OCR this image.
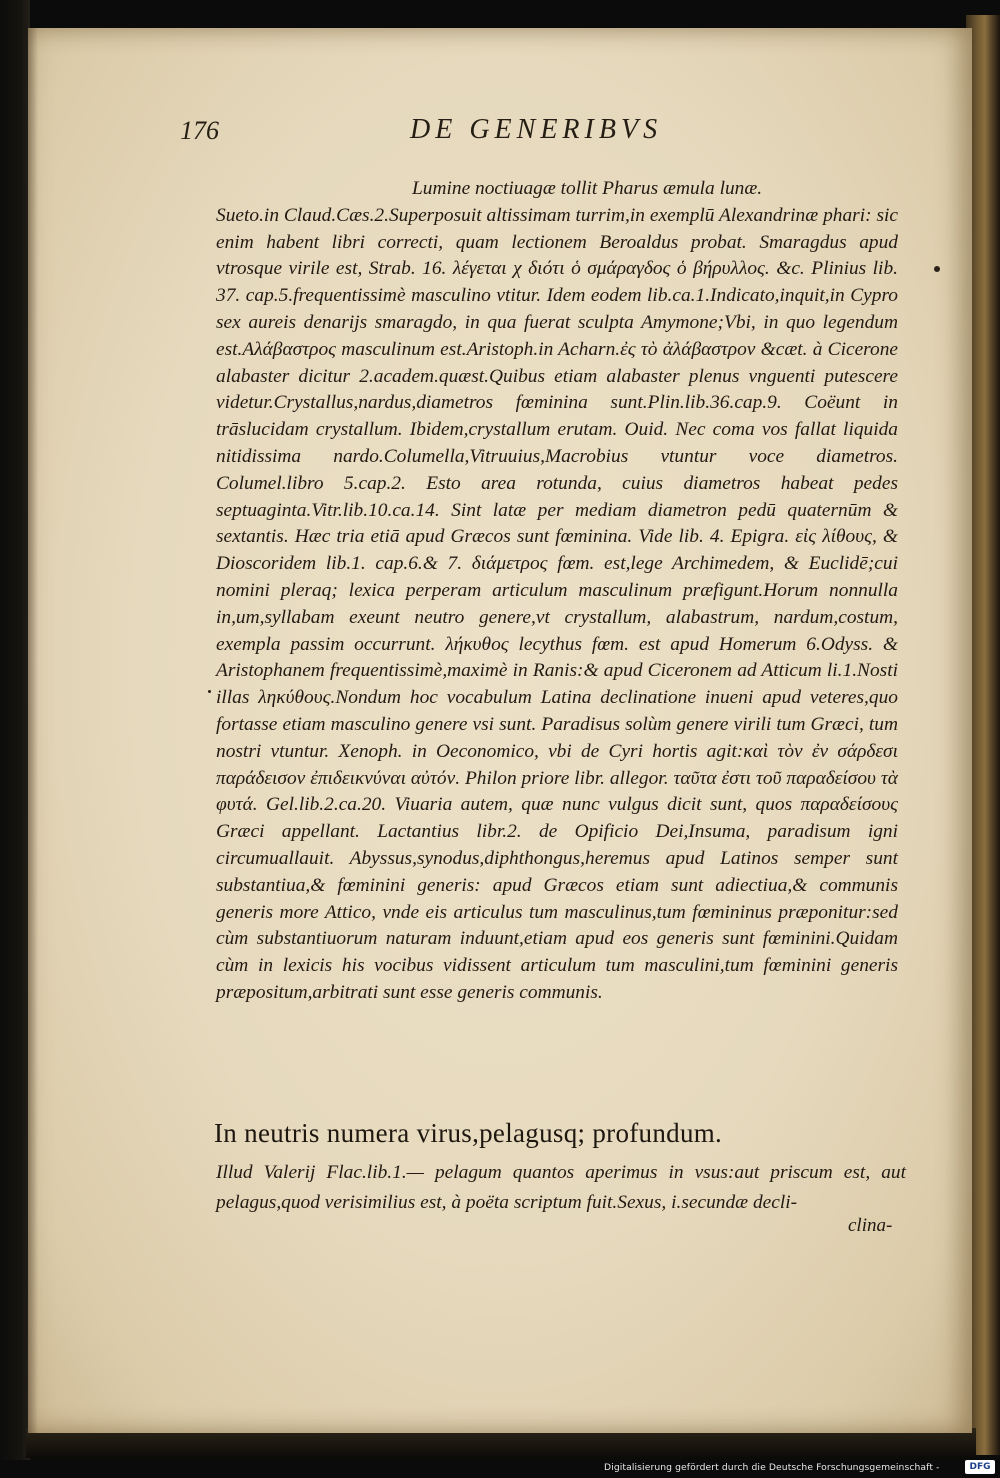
176	DE GENERIBVS

Lumine noctiuagæ tollit Pharus æmula lunæ.

Sueto.in Claud.Cæs.2.Superposuit altissimam turrim,in exemplū Alexandrinæ phari: sic enim habent libri correcti, quam lectionem Beroaldus probat. Smaragdus apud vtrosque virile est, Strab. 16. λέγεται χ διότι ὁ σμάραγδος ὁ βήρυλλος. &c. Plinius lib. 37. cap.5.frequentissimè masculino vtitur. Idem eodem lib.ca.1.Indicato,inquit,in Cypro sex aureis denarijs smaragdo, in qua fuerat sculpta Amymone;Vbi, in quo legendum est.Αλάβαστρος masculinum est.Aristoph.in Acharn.ἐς τὸ ἀλάβαστρον &cæt. à Cicerone alabaster dicitur 2.academ.quæst.Quibus etiam alabaster plenus vnguenti putescere videtur.Crystallus,nardus,diametros fœminina sunt.Plin.lib.36.cap.9. Coëunt in trāslucidam crystallum. Ibidem,crystallum erutam. Ouid. Nec coma vos fallat liquida nitidissima nardo.Columella,Vitruuius,Macrobius vtuntur voce diametros. Columel.libro 5.cap.2. Esto area rotunda, cuius diametros habeat pedes septuaginta.Vitr.lib.10.ca.14. Sint latæ per mediam diametron pedū quaternūm & sextantis. Hæc tria etiā apud Græcos sunt fœminina. Vide lib. 4. Epigra. εἰς λίθους, & Dioscoridem lib.1. cap.6.& 7. διάμετρος fœm. est,lege Archimedem, & Euclidē;cui nomini pleraq; lexica perperam articulum masculinum præfigunt.Horum nonnulla in,um,syllabam exeunt neutro genere,vt crystallum, alabastrum, nardum,costum, exempla passim occurrunt. λήκυθος lecythus fœm. est apud Homerum 6.Odyss. & Aristophanem frequentissimè,maximè in Ranis:& apud Ciceronem ad Atticum li.1.Nosti illas ληκύθους.Nondum hoc vocabulum Latina declinatione inueni apud veteres,quo fortasse etiam masculino genere vsi sunt. Paradisus solùm genere virili tum Græci, tum nostri vtuntur. Xenoph. in Oeconomico, vbi de Cyri hortis agit:καὶ τὸν ἐν σάρδεσι παράδεισον ἐπιδεικνύναι αὐτόν. Philon priore libr. allegor. ταῦτα ἐστι τοῦ παραδείσου τὰ φυτά. Gel.lib.2.ca.20. Viuaria autem, quæ nunc vulgus dicit sunt, quos παραδείσους Græci appellant. Lactantius libr.2. de Opificio Dei,Insuma, paradisum igni circumuallauit. Abyssus,synodus,diphthongus,heremus apud Latinos semper sunt substantiua,& fœminini generis: apud Græcos etiam sunt adiectiua,& communis generis more Attico, vnde eis articulus tum masculinus,tum fœmininus præponitur:sed cùm substantiuorum naturam induunt,etiam apud eos generis sunt fœminini.Quidam cùm in lexicis his vocibus vidissent articulum tum masculini,tum fœminini generis præpositum,arbitrati sunt esse generis communis.

In neutris numera virus,pelagusq; profundum.
Illud Valerij Flac.lib.1.— pelagum quantos aperimus in vsus:aut priscum est, aut pelagus,quod verisimilius est, à poëta scriptum fuit.Sexus, i.secundæ decli-
clina-
Digitalisierung gefördert durch die Deutsche Forschungsgemeinschaft -	DFG
